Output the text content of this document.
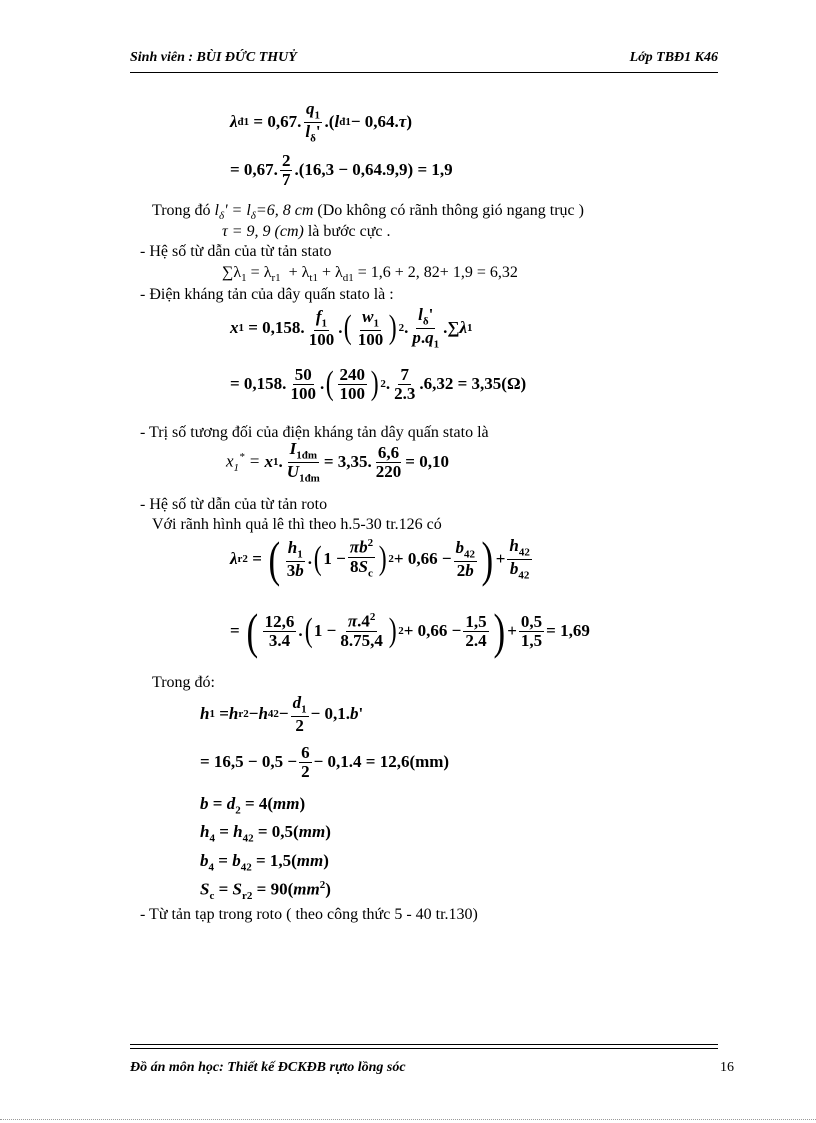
Sinh viên : BÙI ĐỨC THUỶ	Lớp TBĐ1 K46
λ đ1 = 0,67. $\frac{q_1}{l_\delta'}$ .( l đ1 − 0,64. τ )
= 0,67. $\frac{2}{7} .(16,3 - 0,64.9,9) = 1,9$
Trong đó $l_\delta' = l_\delta=6$, 8 cm (Do không có rãnh thông gió ngang trục )
τ = 9, 9 (cm) là bước cực .
- Hệ số từ dẫn của từ tản stato
$\sum\lambda_1 = \lambda_{r1} + \lambda_{t1} + \lambda_{d1} = 1,6 + 2$, 82+ 1,9 = 6,32
- Điện kháng tản của dây quấn stato là :
x 1 = 0,158. $\frac{f_1}{100}$ . ( $\frac{w_1}{100}$ ) 2 . $\frac{l_\delta'}{p.q_1}$ .∑ λ 1
= 0,158. $\frac{50}{100}$ . ( $\frac{240}{100}$ ) 2 . $\frac{7}{2.3} .6,32 = 3,35(\Omega)$
- Trị số tương đối của điện kháng tản dây quấn stato là
$x_1^*$ =
x 1 . $\frac{I_{1đm}}{U_{1đm}} = 3,35$. $\frac{6,6}{220} = 0,10$
- Hệ số từ dẫn của từ tản roto
Với rãnh hình quả lê thì theo h.5-30 tr.126 có
λ r2 = ( $\frac{h_1}{3b}$ . ( $1 - \frac{\pi b^2}{8S_c}$ ) $2 + 0,66 - \frac{b_{42}}{2b}$ ) + $\frac{h_{42}}{b_{42}}$
= ( $\frac{12,6}{3.4}$ . ( $1 - \frac{\pi.4^2}{8.75,4}$ ) $2 + 0,66 - \frac{1,5}{2.4}$ ) + $\frac{0,5}{1,5} = 1,69$
Trong đó:
h 1 = h r2 − h $42 - \frac{d_1}{2} - 0,1$. b '
= $16,5 - 0,5 - \frac{6}{2} - 0,1.4 = 12,6(mm)$
$b = d_2 = 4(mm)$
$h_4 = h_{42} = 0,5(mm)$
$b_4 = b_{42} = 1,5(mm)$
$S_c = S_{r2} = 90(mm^2)$
- Từ tản tạp trong roto ( theo công thức 5 - 40 tr.130)
Đồ án môn học: Thiết kế ĐCKĐB rựto lồng sóc	16
